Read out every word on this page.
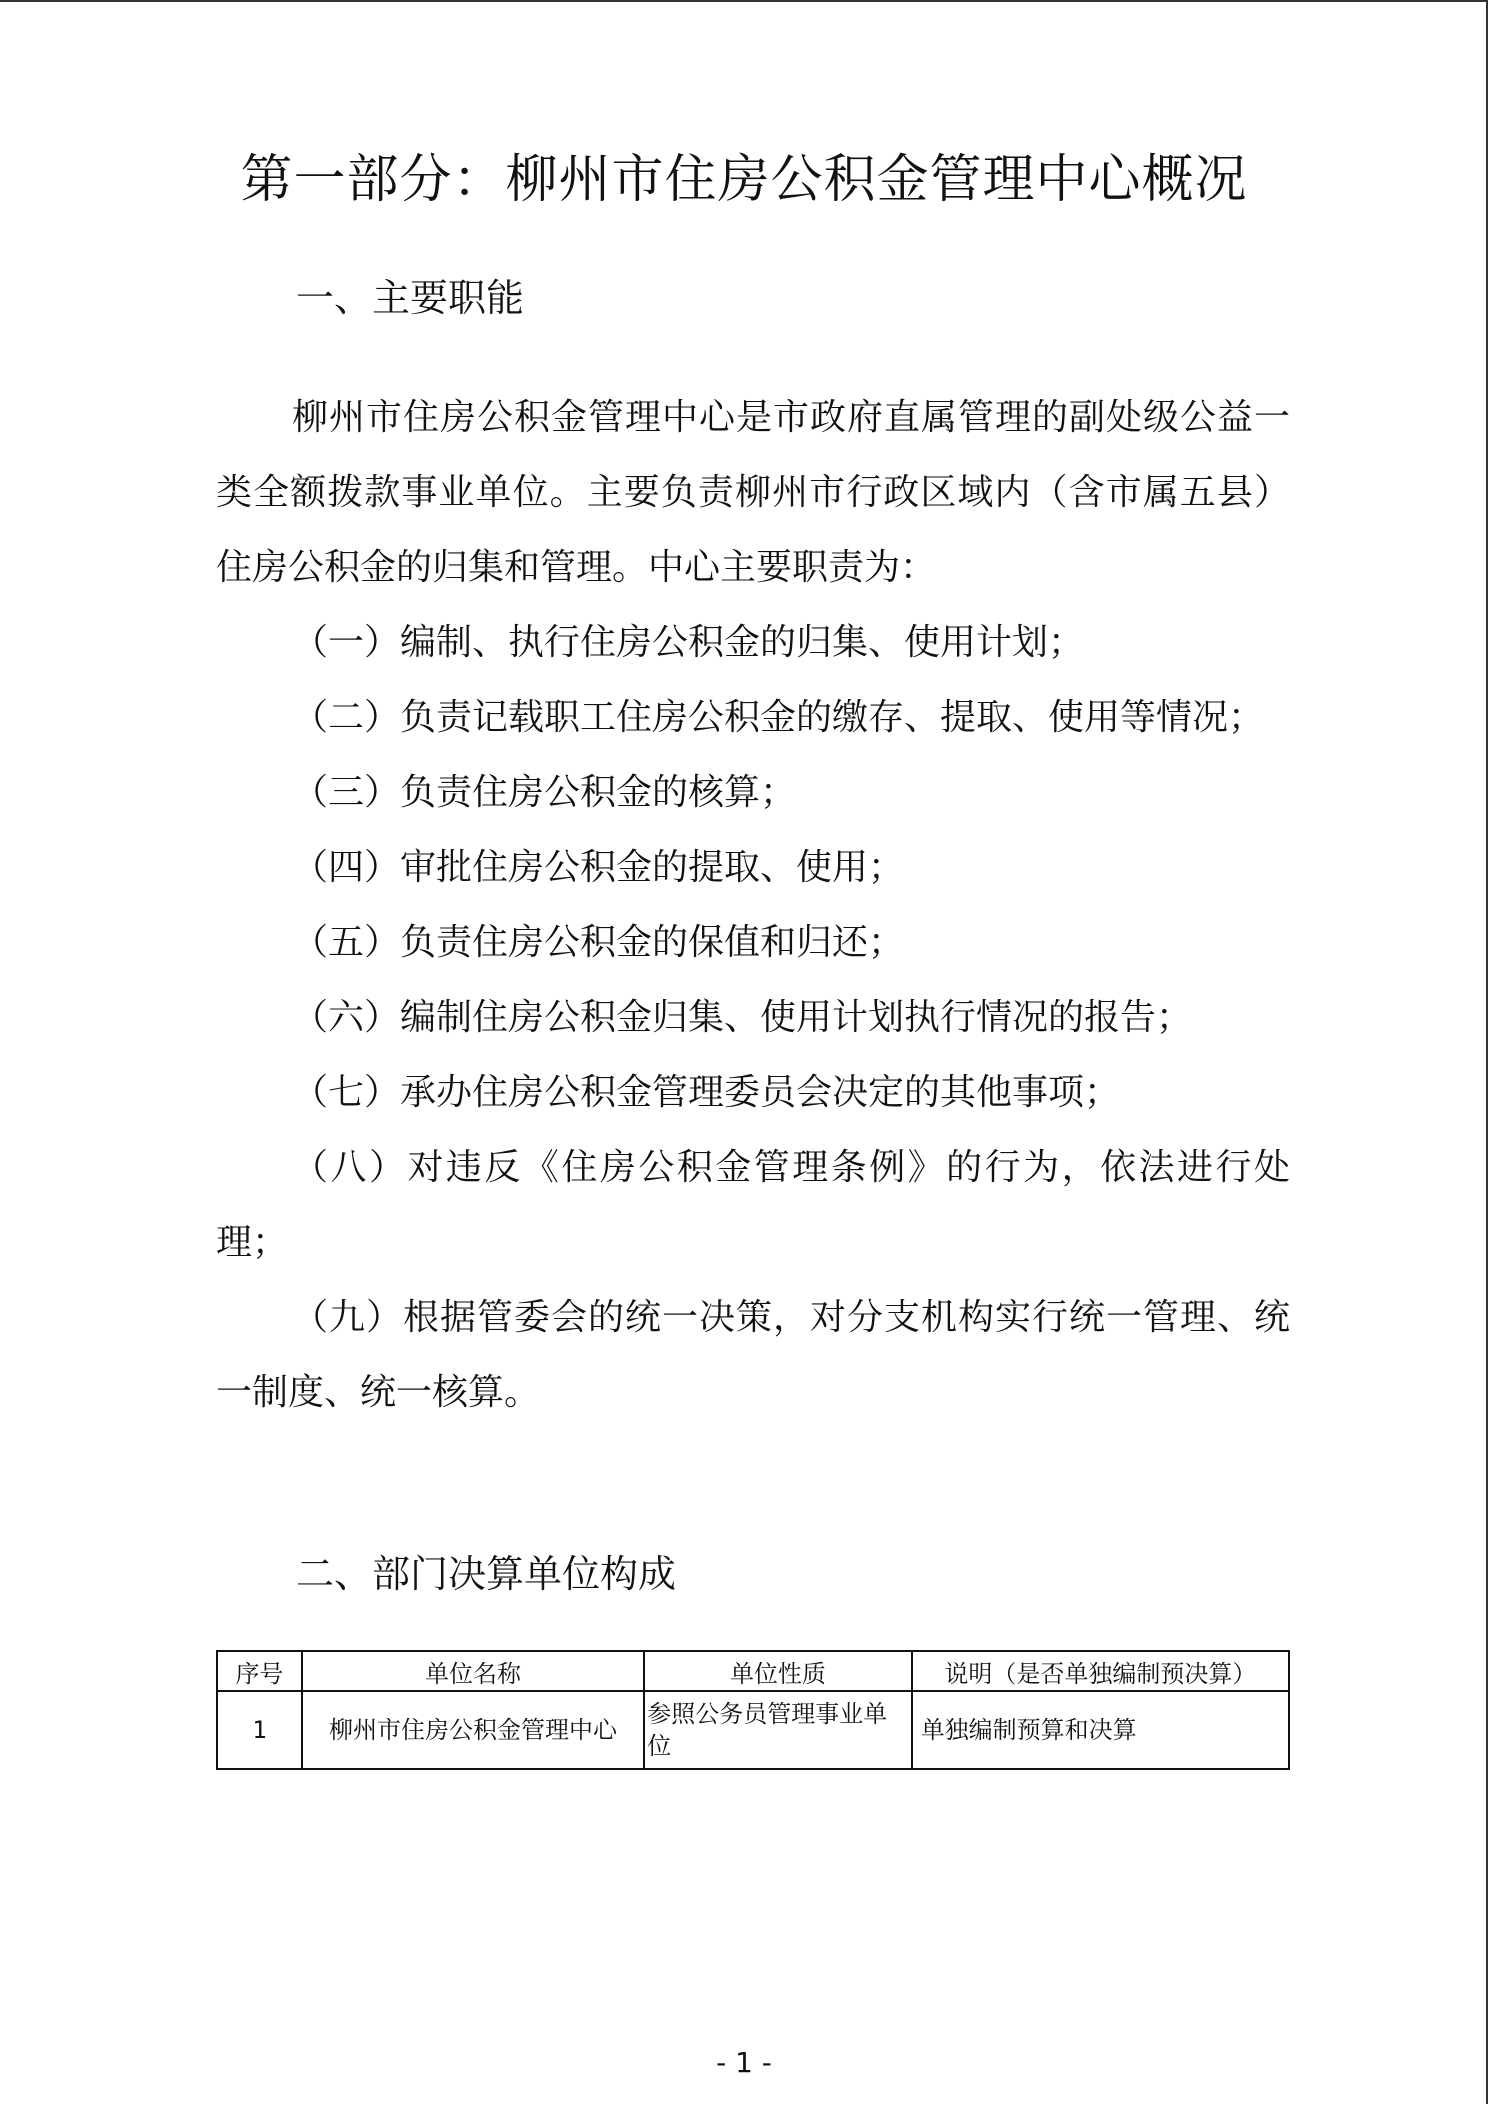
第一部分：柳州市住房公积金管理中心概况
一、主要职能

柳州市住房公积金管理中心是市政府直属管理的副处级公益一类全额拨款事业单位。主要负责柳州市行政区域内（含市属五县）住房公积金的归集和管理。中心主要职责为：

（一）编制、执行住房公积金的归集、使用计划；

（二）负责记载职工住房公积金的缴存、提取、使用等情况；

（三）负责住房公积金的核算；

（四）审批住房公积金的提取、使用；

（五）负责住房公积金的保值和归还；

（六）编制住房公积金归集、使用计划执行情况的报告；

（七）承办住房公积金管理委员会决定的其他事项；

（八）对违反《住房公积金管理条例》的行为，依法进行处理；

（九）根据管委会的统一决策，对分支机构实行统一管理、统一制度、统一核算。

二、部门决算单位构成
序号	单位名称	单位性质	说明（是否单独编制预决算）
1	柳州市住房公积金管理中心	参照公务员管理事业单位	单独编制预算和决算
- 1 -
